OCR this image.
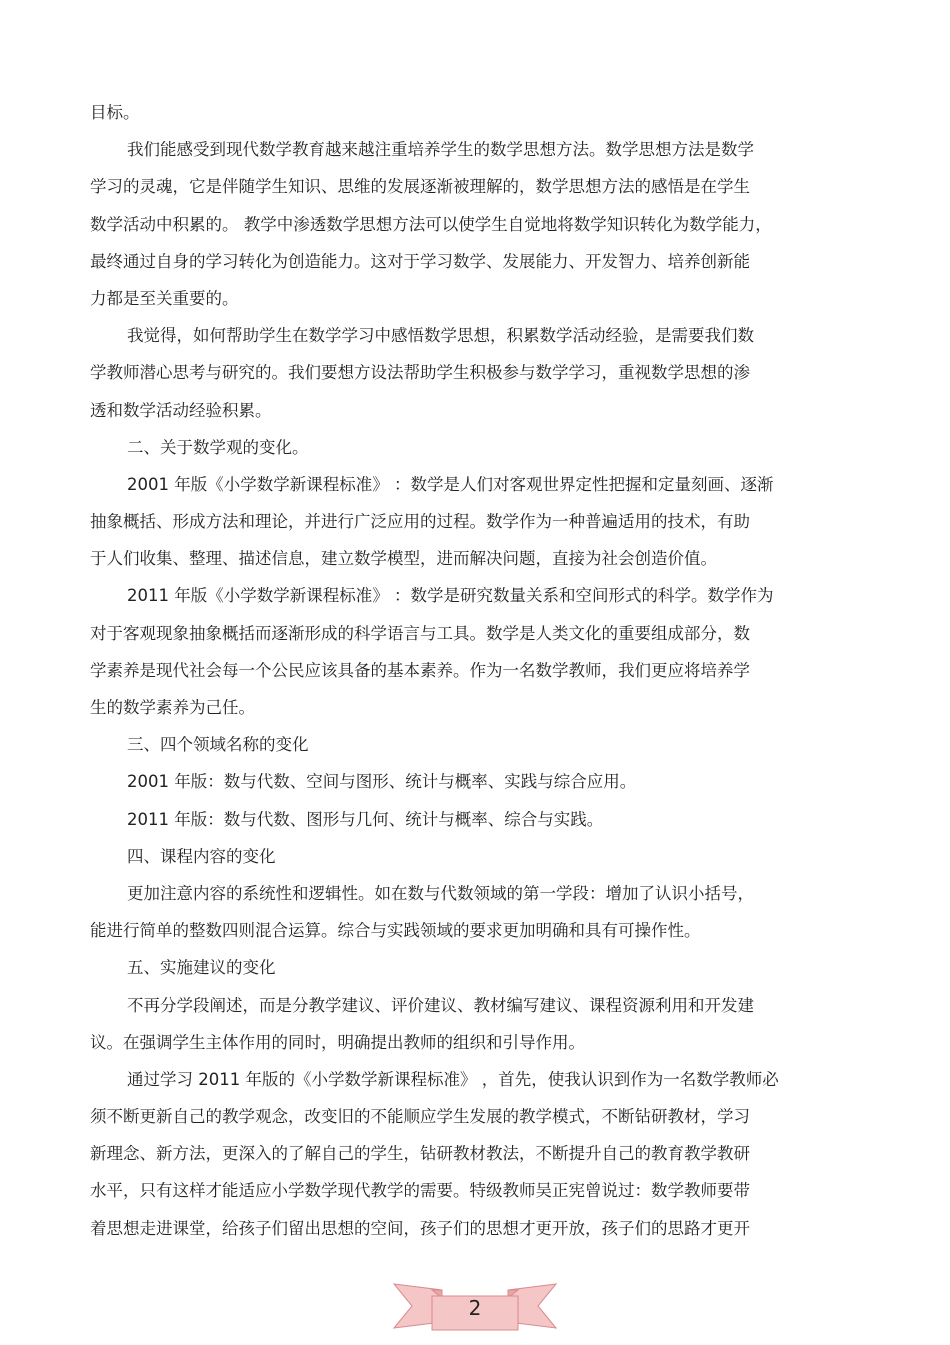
目标。
我们能感受到现代数学教育越来越注重培养学生的数学思想方法。数学思想方法是数学
学习的灵魂，它是伴随学生知识、思维的发展逐渐被理解的，数学思想方法的感悟是在学生
数学活动中积累的。 教学中渗透数学思想方法可以使学生自觉地将数学知识转化为数学能力，
最终通过自身的学习转化为创造能力。这对于学习数学、发展能力、开发智力、培养创新能
力都是至关重要的。
我觉得，如何帮助学生在数学学习中感悟数学思想，积累数学活动经验，是需要我们数
学教师潜心思考与研究的。我们要想方设法帮助学生积极参与数学学习，重视数学思想的渗
透和数学活动经验积累。
二、关于数学观的变化。
2001 年版《小学数学新课程标准》 ：数学是人们对客观世界定性把握和定量刻画、逐渐
抽象概括、形成方法和理论，并进行广泛应用的过程。数学作为一种普遍适用的技术，有助
于人们收集、整理、描述信息，建立数学模型，进而解决问题，直接为社会创造价值。
2011 年版《小学数学新课程标准》 ：数学是研究数量关系和空间形式的科学。数学作为
对于客观现象抽象概括而逐渐形成的科学语言与工具。数学是人类文化的重要组成部分，数
学素养是现代社会每一个公民应该具备的基本素养。作为一名数学教师，我们更应将培养学
生的数学素养为己任。
三、四个领域名称的变化
2001 年版：数与代数、空间与图形、统计与概率、实践与综合应用。
2011 年版：数与代数、图形与几何、统计与概率、综合与实践。
四、课程内容的变化
更加注意内容的系统性和逻辑性。如在数与代数领域的第一学段：增加了认识小括号，
能进行简单的整数四则混合运算。综合与实践领域的要求更加明确和具有可操作性。
五、实施建议的变化
不再分学段阐述，而是分教学建议、评价建议、教材编写建议、课程资源利用和开发建
议。在强调学生主体作用的同时，明确提出教师的组织和引导作用。
通过学习 2011 年版的《小学数学新课程标准》 ，首先，使我认识到作为一名数学教师必
须不断更新自己的教学观念，改变旧的不能顺应学生发展的教学模式，不断钻研教材，学习
新理念、新方法，更深入的了解自己的学生，钻研教材教法，不断提升自己的教育教学教研
水平，只有这样才能适应小学数学现代教学的需要。特级教师吴正宪曾说过：数学教师要带
着思想走进课堂，给孩子们留出思想的空间，孩子们的思想才更开放，孩子们的思路才更开
2
